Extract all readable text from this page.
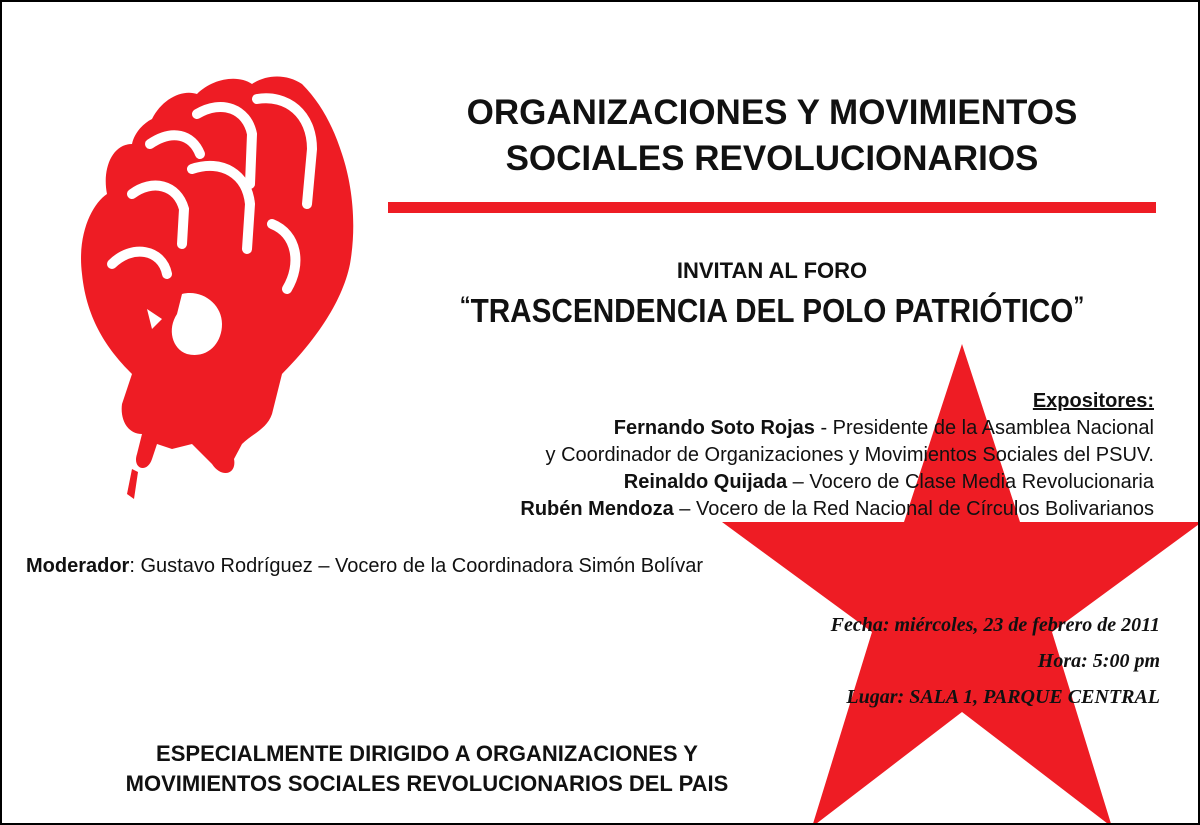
ORGANIZACIONES Y MOVIMIENTOS
SOCIALES REVOLUCIONARIOS
INVITAN AL FORO
“TRASCENDENCIA DEL POLO PATRIÓTICO”
Expositores:
Fernando Soto Rojas - Presidente de la Asamblea Nacional
y Coordinador de Organizaciones y Movimientos Sociales del PSUV.
Reinaldo Quijada – Vocero de Clase Media Revolucionaria
Rubén Mendoza – Vocero de la Red Nacional de Círculos Bolivarianos
Moderador: Gustavo Rodríguez – Vocero de la Coordinadora Simón Bolívar
Fecha: miércoles, 23 de febrero de 2011
Hora: 5:00 pm
Lugar: SALA 1, PARQUE CENTRAL
ESPECIALMENTE DIRIGIDO A ORGANIZACIONES Y
MOVIMIENTOS SOCIALES REVOLUCIONARIOS DEL PAIS
